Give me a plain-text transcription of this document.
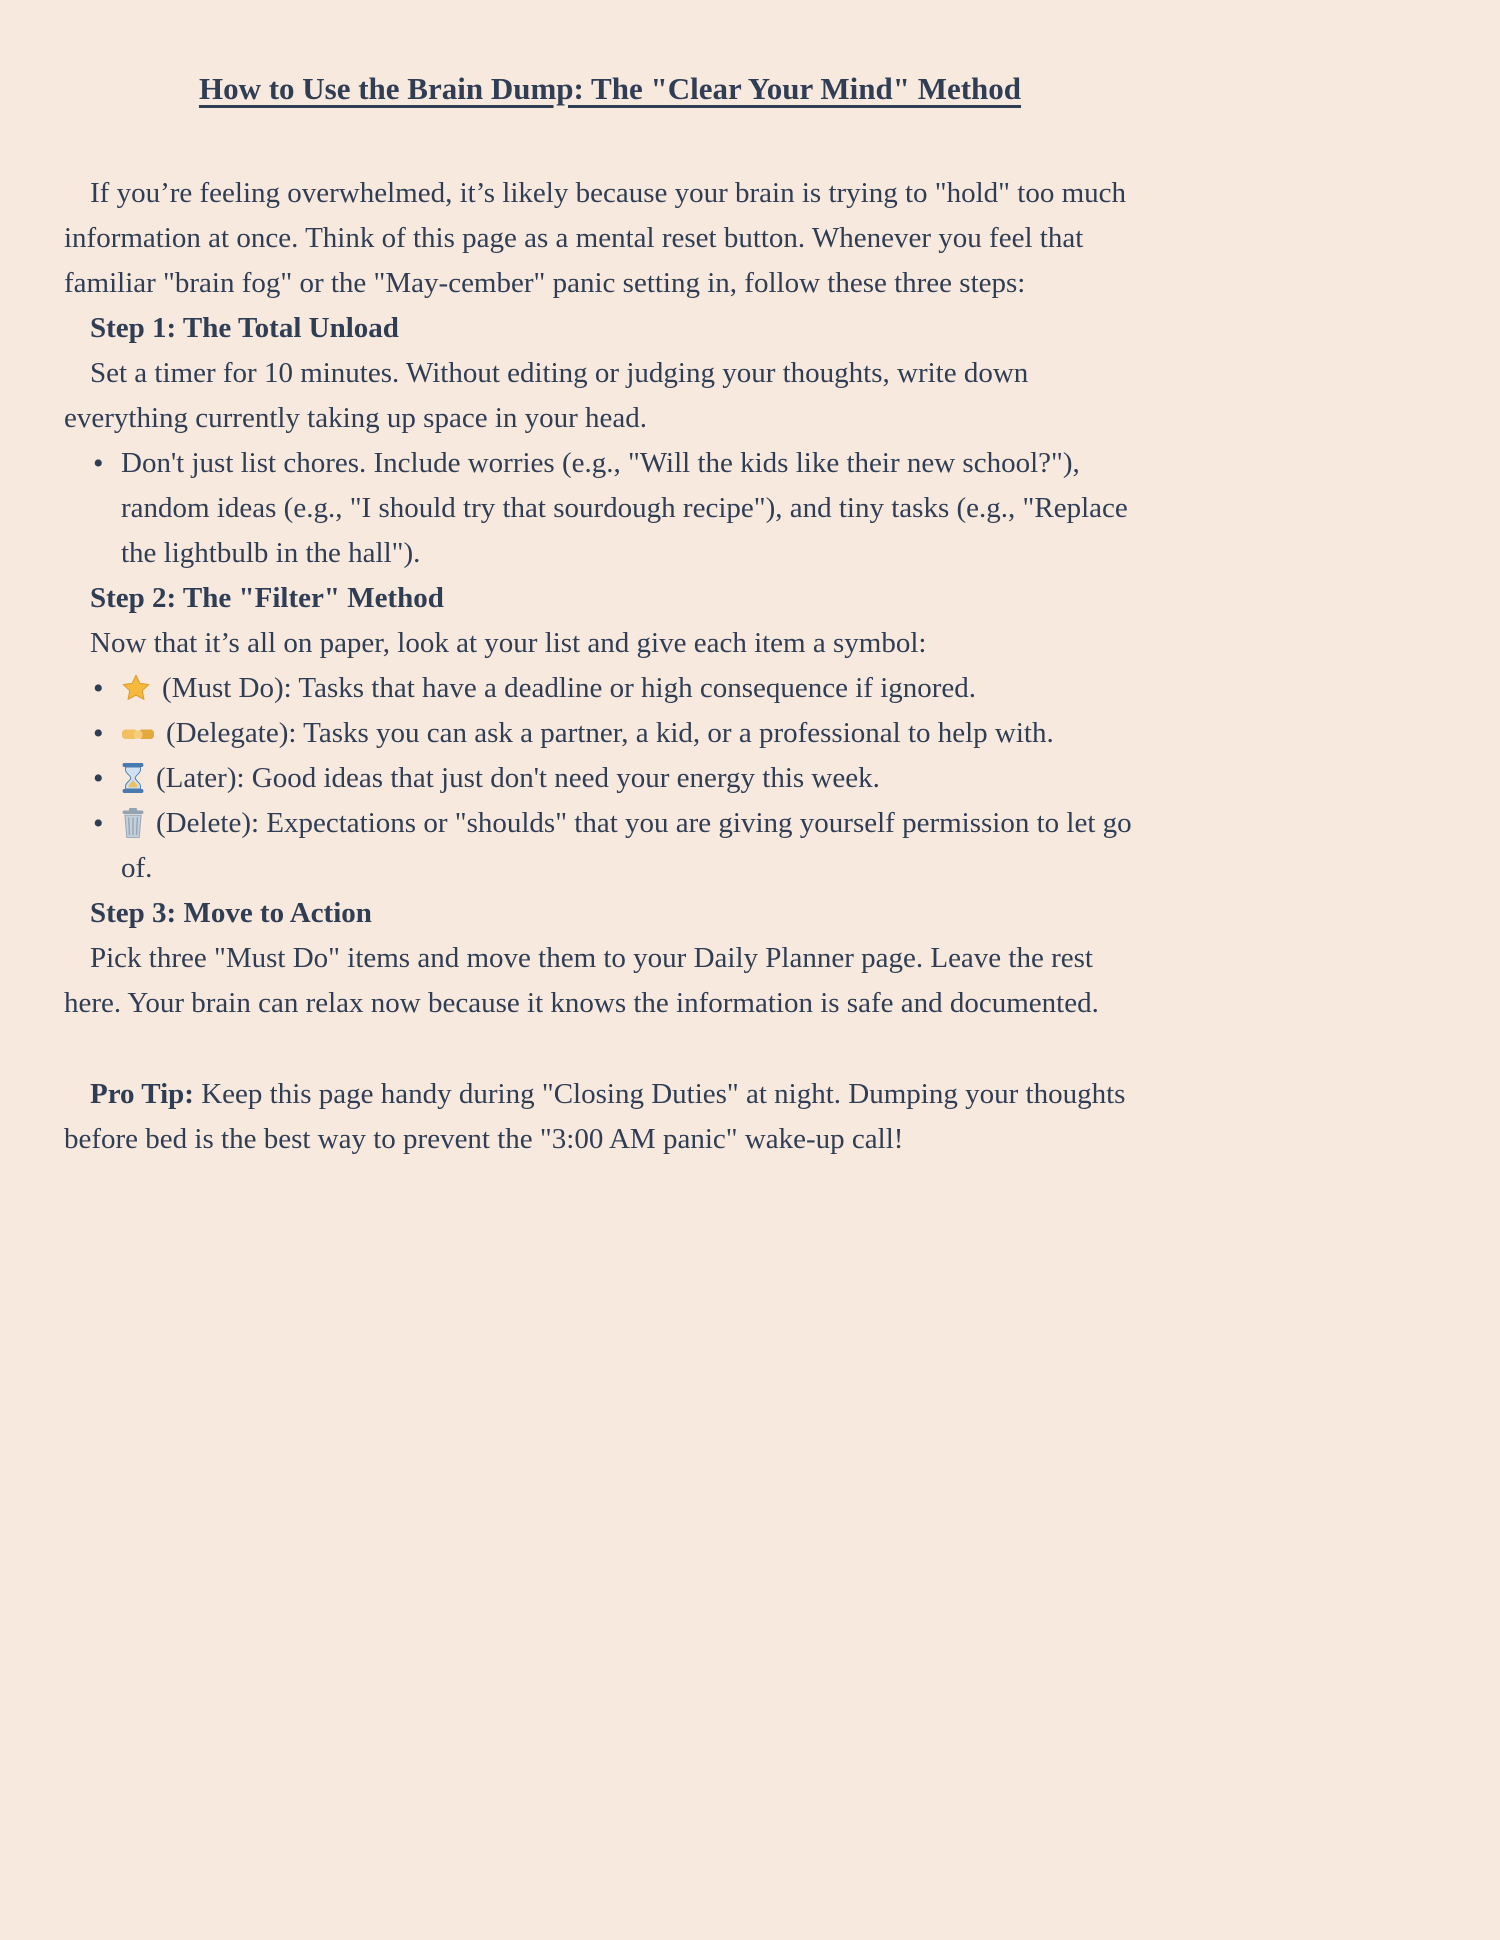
How to Use the Brain Dump: The "Clear Your Mind" Method

If you’re feeling overwhelmed, it’s likely because your brain is trying to "hold" too much information at once. Think of this page as a mental reset button. Whenever you feel that familiar "brain fog" or the "May-cember" panic setting in, follow these three steps:

Step 1: The Total Unload

Set a timer for 10 minutes. Without editing or judging your thoughts, write down everything currently taking up space in your head.

• Don't just list chores. Include worries (e.g., "Will the kids like their new school?"), random ideas (e.g., "I should try that sourdough recipe"), and tiny tasks (e.g., "Replace the lightbulb in the hall").

Step 2: The "Filter" Method

Now that it’s all on paper, look at your list and give each item a symbol:

• (Must Do): Tasks that have a deadline or high consequence if ignored.
• (Delegate): Tasks you can ask a partner, a kid, or a professional to help with.
• (Later): Good ideas that just don't need your energy this week.
• (Delete): Expectations or "shoulds" that you are giving yourself permission to let go of.

Step 3: Move to Action

Pick three "Must Do" items and move them to your Daily Planner page. Leave the rest here. Your brain can relax now because it knows the information is safe and documented.

Pro Tip: Keep this page handy during "Closing Duties" at night. Dumping your thoughts before bed is the best way to prevent the "3:00 AM panic" wake-up call!
